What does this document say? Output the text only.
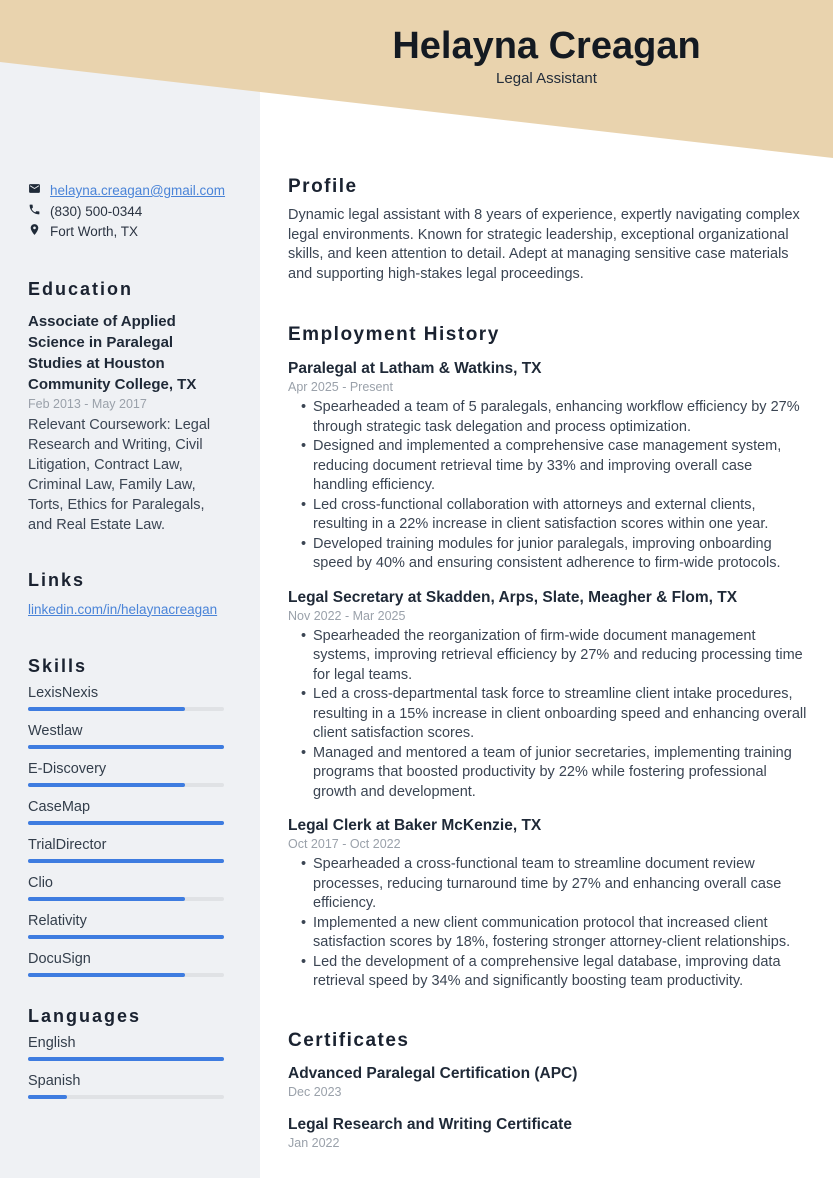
Helayna Creagan
Legal Assistant
helayna.creagan@gmail.com
(830) 500-0344
Fort Worth, TX
Education
Associate of Applied Science in Paralegal Studies at Houston Community College, TX
Feb 2013 - May 2017
Relevant Coursework: Legal Research and Writing, Civil Litigation, Contract Law, Criminal Law, Family Law, Torts, Ethics for Paralegals, and Real Estate Law.
Links
linkedin.com/in/helaynacreagan
Skills
LexisNexis
Westlaw
E-Discovery
CaseMap
TrialDirector
Clio
Relativity
DocuSign
Languages
English
Spanish
Profile

Dynamic legal assistant with 8 years of experience, expertly navigating complex legal environments. Known for strategic leadership, exceptional organizational skills, and keen attention to detail. Adept at managing sensitive case materials and supporting high-stakes legal proceedings.

Employment History
Paralegal at Latham & Watkins, TX
Apr 2025 - Present
• Spearheaded a team of 5 paralegals, enhancing workflow efficiency by 27% through strategic task delegation and process optimization.
• Designed and implemented a comprehensive case management system, reducing document retrieval time by 33% and improving overall case handling efficiency.
• Led cross-functional collaboration with attorneys and external clients, resulting in a 22% increase in client satisfaction scores within one year.
• Developed training modules for junior paralegals, improving onboarding speed by 40% and ensuring consistent adherence to firm-wide protocols.
Legal Secretary at Skadden, Arps, Slate, Meagher & Flom, TX
Nov 2022 - Mar 2025
• Spearheaded the reorganization of firm-wide document management systems, improving retrieval efficiency by 27% and reducing processing time for legal teams.
• Led a cross-departmental task force to streamline client intake procedures, resulting in a 15% increase in client onboarding speed and enhancing overall client satisfaction scores.
• Managed and mentored a team of junior secretaries, implementing training programs that boosted productivity by 22% while fostering professional growth and development.
Legal Clerk at Baker McKenzie, TX
Oct 2017 - Oct 2022
• Spearheaded a cross-functional team to streamline document review processes, reducing turnaround time by 27% and enhancing overall case efficiency.
• Implemented a new client communication protocol that increased client satisfaction scores by 18%, fostering stronger attorney-client relationships.
• Led the development of a comprehensive legal database, improving data retrieval speed by 34% and significantly boosting team productivity.
Certificates
Advanced Paralegal Certification (APC)
Dec 2023
Legal Research and Writing Certificate
Jan 2022
